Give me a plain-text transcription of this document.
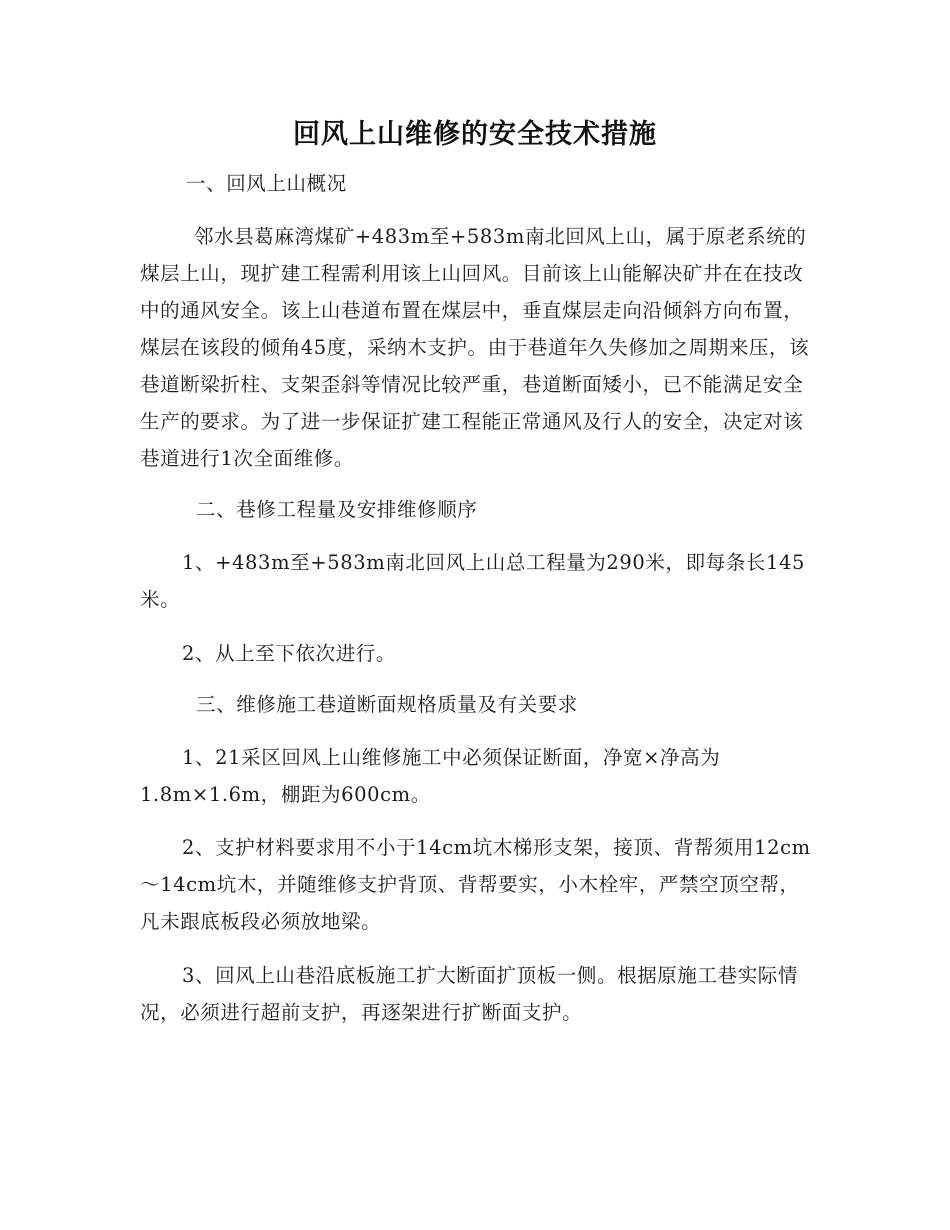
回风上山维修的安全技术措施
一、回风上山概况
邻水县葛麻湾煤矿+483m至+583m南北回风上山，属于原老系统的煤层上山，现扩建工程需利用该上山回风。目前该上山能解决矿井在在技改中的通风安全。该上山巷道布置在煤层中，垂直煤层走向沿倾斜方向布置，煤层在该段的倾角45度，采纳木支护。由于巷道年久失修加之周期来压，该巷道断梁折柱、支架歪斜等情况比较严重，巷道断面矮小，已不能满足安全生产的要求。为了进一步保证扩建工程能正常通风及行人的安全，决定对该巷道进行1次全面维修。
二、巷修工程量及安排维修顺序
1、+483m至+583m南北回风上山总工程量为290米，即每条长145米。
2、从上至下依次进行。
三、维修施工巷道断面规格质量及有关要求
1、21采区回风上山维修施工中必须保证断面，净宽×净高为1.8m×1.6m，棚距为600cm。
2、支护材料要求用不小于14cm坑木梯形支架，接顶、背帮须用12cm～14cm坑木，并随维修支护背顶、背帮要实，小木栓牢，严禁空顶空帮，凡未跟底板段必须放地梁。
3、回风上山巷沿底板施工扩大断面扩顶板一侧。根据原施工巷实际情况，必须进行超前支护，再逐架进行扩断面支护。
